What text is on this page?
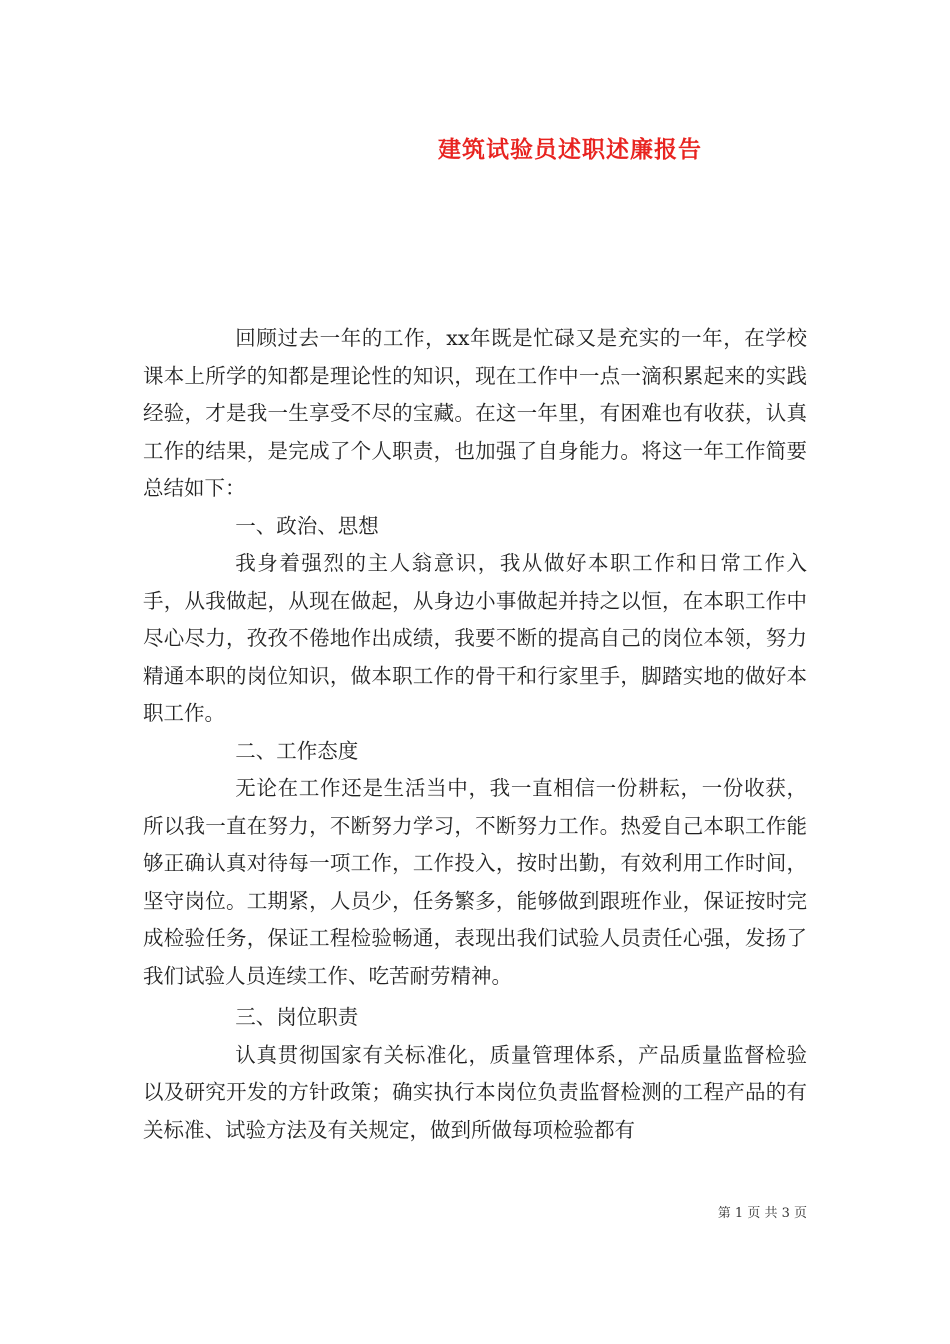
建筑试验员述职述廉报告

回顾过去一年的工作，xx年既是忙碌又是充实的一年，在学校课本上所学的知都是理论性的知识，现在工作中一点一滴积累起来的实践经验，才是我一生享受不尽的宝藏。在这一年里，有困难也有收获，认真工作的结果，是完成了个人职责，也加强了自身能力。将这一年工作简要总结如下：

一、政治、思想

我身着强烈的主人翁意识，我从做好本职工作和日常工作入手，从我做起，从现在做起，从身边小事做起并持之以恒，在本职工作中尽心尽力，孜孜不倦地作出成绩，我要不断的提高自己的岗位本领，努力精通本职的岗位知识，做本职工作的骨干和行家里手，脚踏实地的做好本职工作。

二、工作态度

无论在工作还是生活当中，我一直相信一份耕耘，一份收获，所以我一直在努力，不断努力学习，不断努力工作。热爱自己本职工作能够正确认真对待每一项工作，工作投入，按时出勤，有效利用工作时间，坚守岗位。工期紧，人员少，任务繁多，能够做到跟班作业，保证按时完成检验任务，保证工程检验畅通，表现出我们试验人员责任心强，发扬了我们试验人员连续工作、吃苦耐劳精神。

三、岗位职责

认真贯彻国家有关标准化，质量管理体系，产品质量监督检验以及研究开发的方针政策；确实执行本岗位负责监督检测的工程产品的有关标准、试验方法及有关规定，做到所做每项检验都有

第 1 页 共 3 页
